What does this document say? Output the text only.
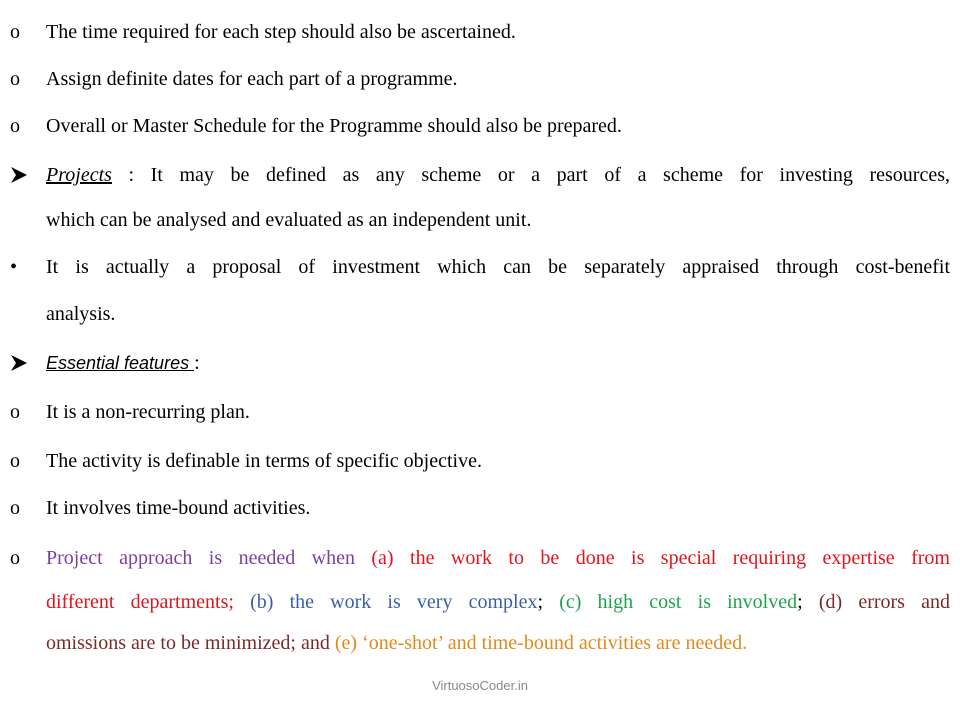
o The time required for each step should also be ascertained.
o Assign definite dates for each part of a programme.
o Overall or Master Schedule for the Programme should also be prepared.
Projects : It may be defined as any scheme or a part of a scheme for investing resources,
which can be analysed and evaluated as an independent unit.
• It is actually a proposal of investment which can be separately appraised through cost-benefit
analysis.
Essential features :
o It is a non-recurring plan.
o The activity is definable in terms of specific objective.
o It involves time-bound activities.
o Project approach is needed when (a) the work to be done is special requiring expertise from
different departments; (b) the work is very complex; (c) high cost is involved; (d) errors and
omissions are to be minimized; and (e) ‘one-shot’ and time-bound activities are needed.
VirtuosoCoder.in
